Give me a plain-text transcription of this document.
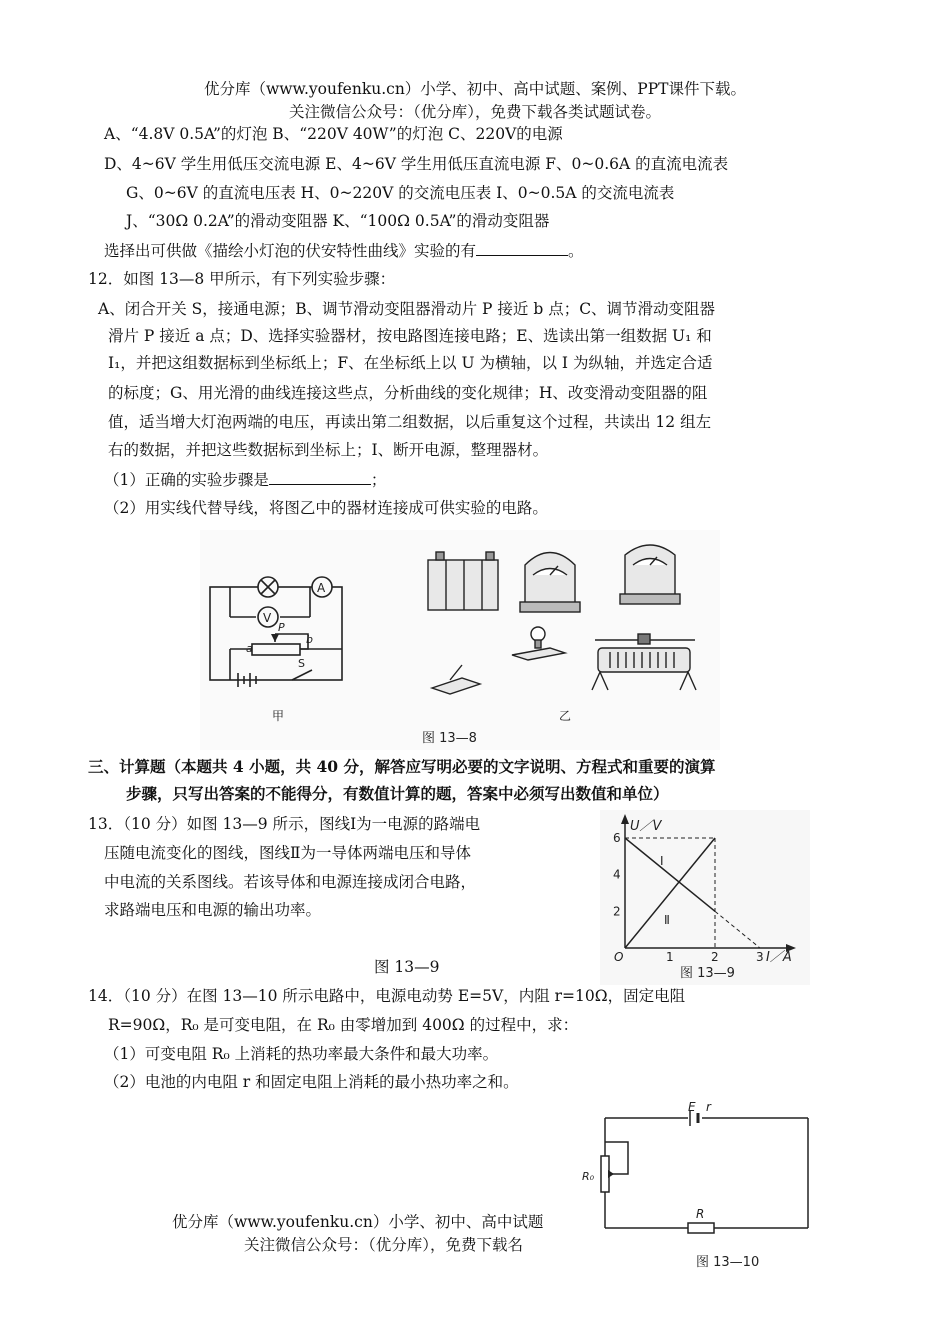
优分库（www.youfenku.cn）小学、初中、高中试题、案例、PPT课件下载。
关注微信公众号：（优分库），免费下载各类试题试卷。
A、“4.8V 0.5A”的灯泡 B、“220V 40W”的灯泡 C、220V的电源
D、4~6V 学生用低压交流电源 E、4~6V 学生用低压直流电源 F、0~0.6A 的直流电流表
G、0~6V 的直流电压表 H、0~220V 的交流电压表 I、0~0.5A 的交流电流表
J、“30Ω 0.2A”的滑动变阻器 K、“100Ω 0.5A”的滑动变阻器
选择出可供做《描绘小灯泡的伏安特性曲线》实验的有	。
12．如图 13—8 甲所示，有下列实验步骤：
A、闭合开关 S，接通电源；B、调节滑动变阻器滑动片 P 接近 b 点；C、调节滑动变阻器
滑片 P 接近 a 点；D、选择实验器材，按电路图连接电路；E、选读出第一组数据 U₁ 和
I₁，并把这组数据标到坐标纸上；F、在坐标纸上以 U 为横轴，以 I 为纵轴，并选定合适
的标度；G、用光滑的曲线连接这些点，分析曲线的变化规律；H、改变滑动变阻器的阻
值，适当增大灯泡两端的电压，再读出第二组数据，以后重复这个过程，共读出 12 组左
右的数据，并把这些数据标到坐标上；I、断开电源，整理器材。
（1）正确的实验步骤是	；
（2）用实线代替导线，将图乙中的器材连接成可供实验的电路。
A
V
P
a
b
S
甲	乙
图 13—8
三、计算题（本题共 4 小题，共 40 分，解答应写明必要的文字说明、方程式和重要的演算
步骤，只写出答案的不能得分，有数值计算的题，答案中必须写出数值和单位）
13．（10 分）如图 13—9 所示，图线Ⅰ为一电源的路端电
压随电流变化的图线，图线Ⅱ为一导体两端电压和导体
中电流的关系图线。若该导体和电源连接成闭合电路，
求路端电压和电源的输出功率。
图 13—9
2
4
6
1	2	3
U／V
I／A
O
Ⅰ
Ⅱ
图 13—9
14．（10 分）在图 13—10 所示电路中，电源电动势 E=5V，内阻 r=10Ω，固定电阻
R=90Ω，R₀ 是可变电阻，在 R₀ 由零增加到 400Ω 的过程中，求：
（1）可变电阻 R₀ 上消耗的热功率最大条件和最大功率。
（2）电池的内电阻 r 和固定电阻上消耗的最小热功率之和。
E r
R₀
R
图 13—10
优分库（www.youfenku.cn）小学、初中、高中试题
关注微信公众号：（优分库），免费下载名
